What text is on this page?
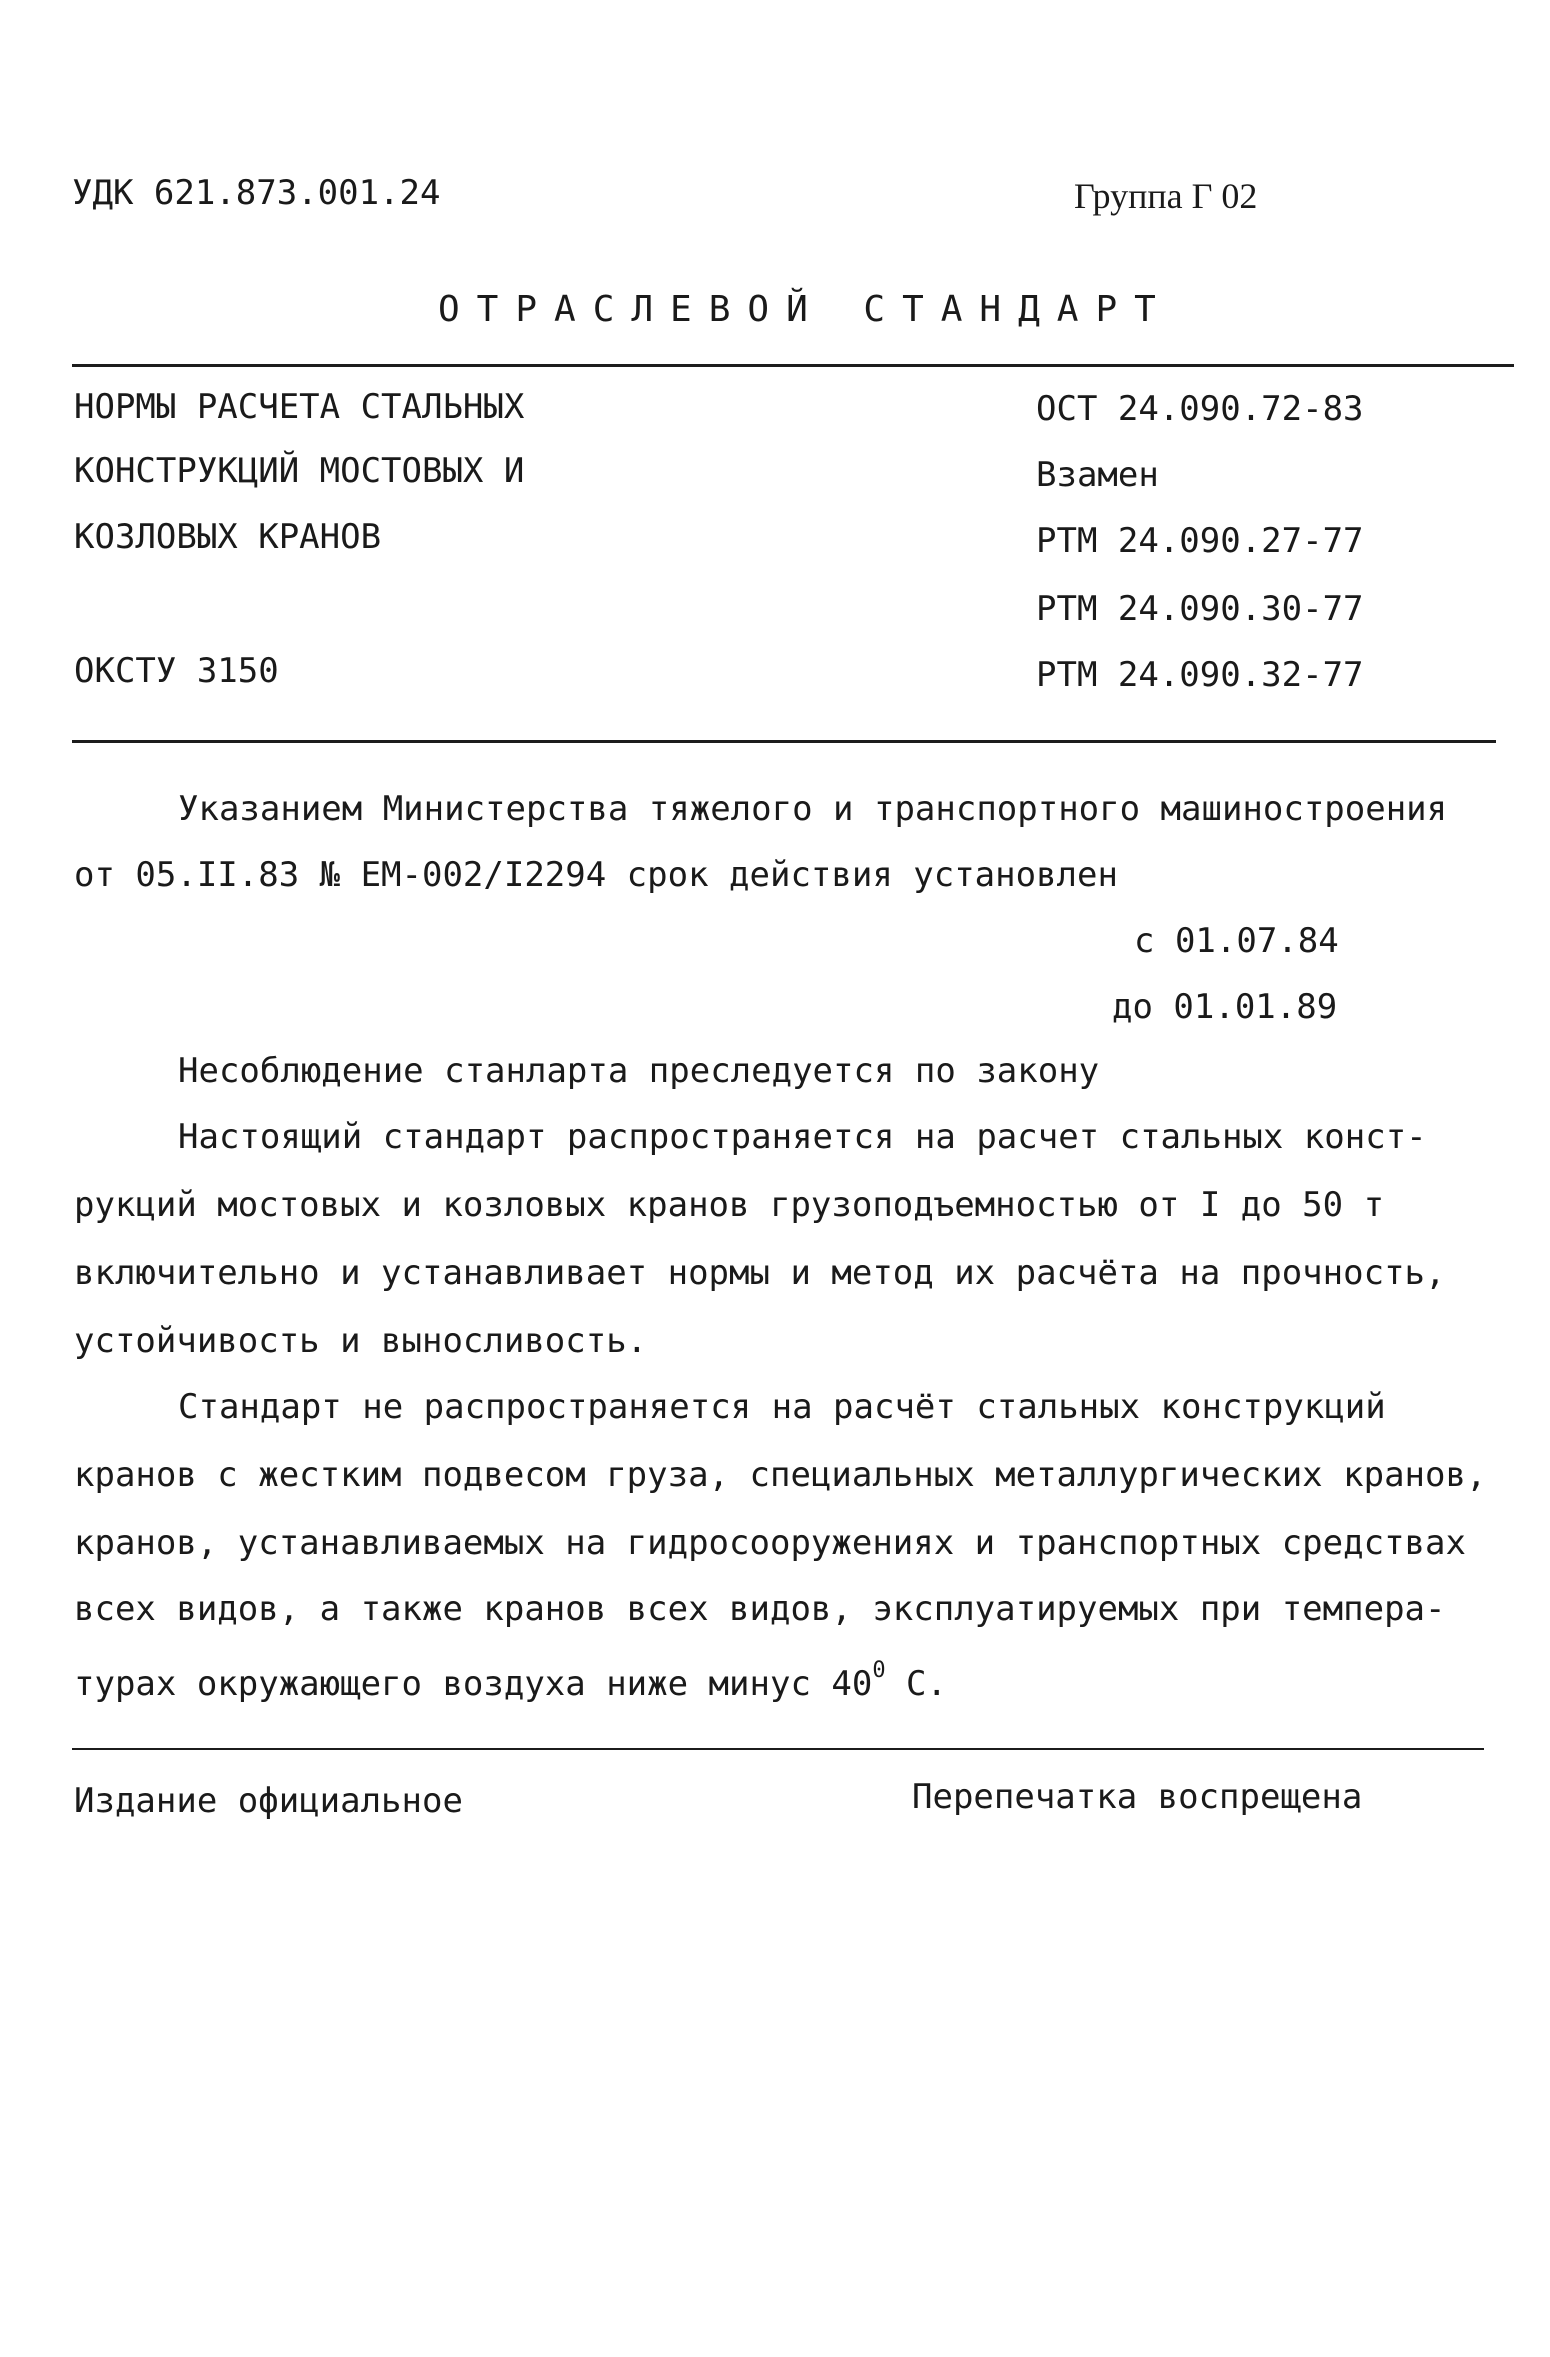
УДК 621.873.001.24	Группа Г 02
ОТРАСЛЕВОЙ СТАНДАРТ
НОРМЫ РАСЧЕТА СТАЛЬНЫХ
КОНСТРУКЦИЙ МОСТОВЫХ И
КОЗЛОВЫХ КРАНОВ
ОКСТУ 3150
ОСТ 24.090.72-83
Взамен
РТМ 24.090.27-77
РТМ 24.090.30-77
РТМ 24.090.32-77
Указанием Министерства тяжелого и транспортного машиностроения
от 05.II.83 № ЕМ-002/I2294 срок действия установлен
с 01.07.84
до 01.01.89
Несоблюдение станларта преследуется по закону
Настоящий стандарт распространяется на расчет стальных конст-
рукций мостовых и козловых кранов грузоподъемностью от I до 50 т
включительно и устанавливает нормы и метод их расчёта на прочность,
устойчивость и выносливость.
Стандарт не распространяется на расчёт стальных конструкций
кранов с жестким подвесом груза, специальных металлургических кранов,
кранов, устанавливаемых на гидросооружениях и транспортных средствах
всех видов, а также кранов всех видов, эксплуатируемых при темпера-
турах окружающего воздуха ниже минус $40^0$ С.
Издание официальное	Перепечатка воспрещена
